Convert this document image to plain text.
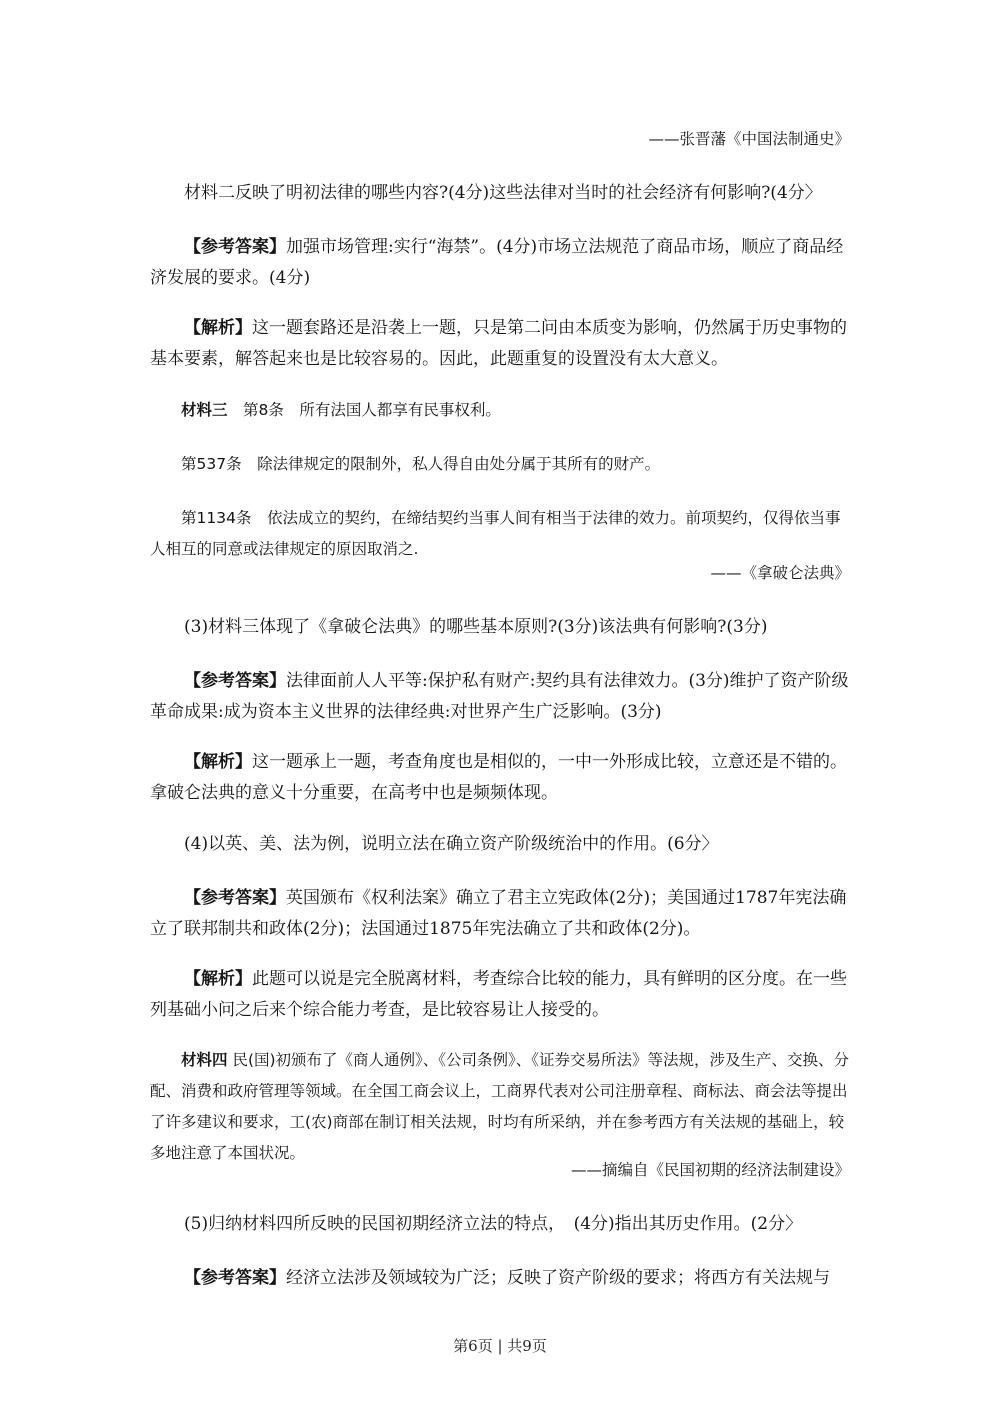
——张晋藩《中国法制通史》

材料二反映了明初法律的哪些内容?(4分)这些法律对当时的社会经济有何影响?(4分〉

【参考答案】加强市场管理:实行“海禁”。(4分)市场立法规范了商品市场，顺应了商品经济发展的要求。(4分)

【解析】这一题套路还是沿袭上一题，只是第二问由本质变为影响，仍然属于历史事物的基本要素，解答起来也是比较容易的。因此，此题重复的设置没有太大意义。

材料三　第8条　所有法国人都享有民事权利。

第537条　除法律规定的限制外，私人得自由处分属于其所有的财产。

第1134条　依法成立的契约，在缔结契约当事人间有相当于法律的效力。前项契约，仅得依当事人相互的同意或法律规定的原因取消之.

——《拿破仑法典》

(3)材料三体现了《拿破仑法典》的哪些基本原则?(3分)该法典有何影响?(3分)

【参考答案】法律面前人人平等:保护私有财产:契约具有法律效力。(3分)维护了资产阶级革命成果:成为资本主义世界的法律经典:对世界产生广泛影响。(3分)

【解析】这一题承上一题，考查角度也是相似的，一中一外形成比较，立意还是不错的。拿破仑法典的意义十分重要，在高考中也是频频体现。

(4)以英、美、法为例，说明立法在确立资产阶级统治中的作用。(6分〉

【参考答案】英国颁布《权利法案》确立了君主立宪政体(2分)；美国通过1787年宪法确立了联邦制共和政体(2分)；法国通过1875年宪法确立了共和政体(2分)。

【解析】此题可以说是完全脱离材料，考查综合比较的能力，具有鲜明的区分度。在一些列基础小问之后来个综合能力考查，是比较容易让人接受的。

材料四 民(国)初颁布了《商人通例》、《公司条例》、《证券交易所法》等法规，涉及生产、交换、分配、消费和政府管理等领域。在全国工商会议上，工商界代表对公司注册章程、商标法、商会法等提出了许多建议和要求，工(农)商部在制订相关法规，时均有所采纳，并在参考西方有关法规的基础上，较多地注意了本国状况。

——摘编自《民国初期的经济法制建设》

(5)归纳材料四所反映的民国初期经济立法的特点，　(4分)指出其历史作用。(2分〉

【参考答案】经济立法涉及领域较为广泛；反映了资产阶级的要求；将西方有关法规与

第6页 | 共9页
